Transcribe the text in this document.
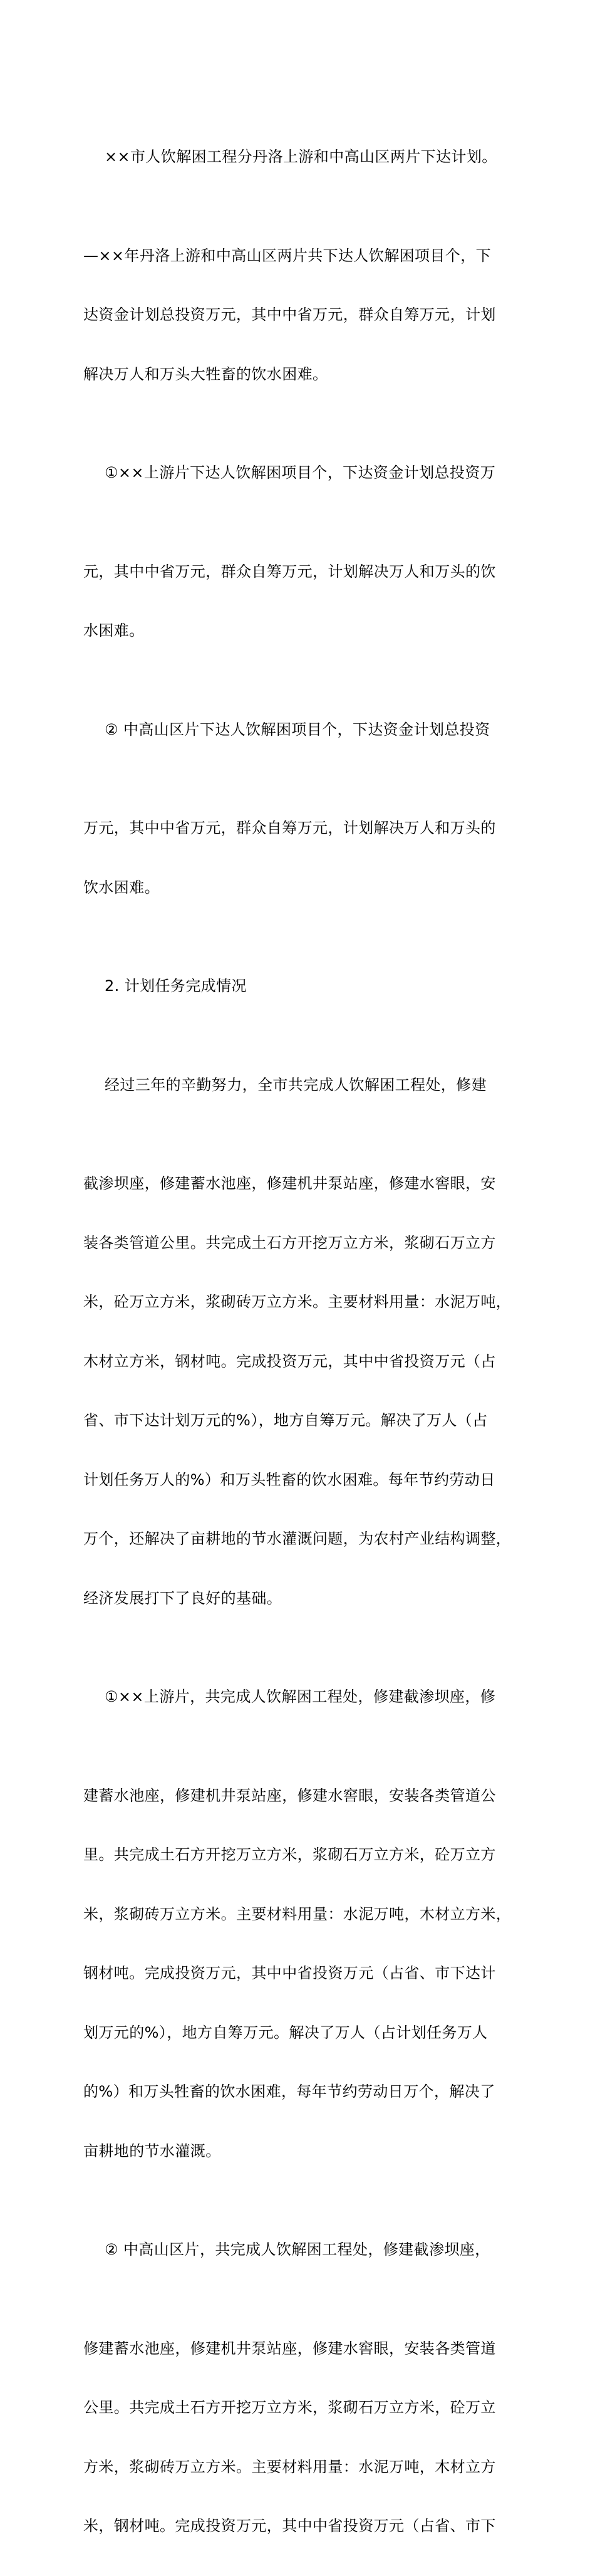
××市人饮解困工程分丹洛上游和中高山区两片下达计划。

—××年丹洛上游和中高山区两片共下达人饮解困项目个，下

达资金计划总投资万元，其中中省万元，群众自筹万元，计划

解决万人和万头大牲畜的饮水困难。

①××上游片下达人饮解困项目个，下达资金计划总投资万

元，其中中省万元，群众自筹万元，计划解决万人和万头的饮

水困难。

② 中高山区片下达人饮解困项目个，下达资金计划总投资

万元，其中中省万元，群众自筹万元，计划解决万人和万头的

饮水困难。

2. 计划任务完成情况

经过三年的辛勤努力，全市共完成人饮解困工程处，修建

截渗坝座，修建蓄水池座，修建机井泵站座，修建水窖眼，安

装各类管道公里。共完成土石方开挖万立方米，浆砌石万立方

米，砼万立方米，浆砌砖万立方米。主要材料用量：水泥万吨，

木材立方米，钢材吨。完成投资万元，其中中省投资万元（占

省、市下达计划万元的%），地方自筹万元。解决了万人（占

计划任务万人的%）和万头牲畜的饮水困难。每年节约劳动日

万个，还解决了亩耕地的节水灌溉问题，为农村产业结构调整，

经济发展打下了良好的基础。

①××上游片，共完成人饮解困工程处，修建截渗坝座，修

建蓄水池座，修建机井泵站座，修建水窖眼，安装各类管道公

里。共完成土石方开挖万立方米，浆砌石万立方米，砼万立方

米，浆砌砖万立方米。主要材料用量：水泥万吨，木材立方米，

钢材吨。完成投资万元，其中中省投资万元（占省、市下达计

划万元的%），地方自筹万元。解决了万人（占计划任务万人

的%）和万头牲畜的饮水困难，每年节约劳动日万个，解决了

亩耕地的节水灌溉。

② 中高山区片，共完成人饮解困工程处，修建截渗坝座，

修建蓄水池座，修建机井泵站座，修建水窖眼，安装各类管道

公里。共完成土石方开挖万立方米，浆砌石万立方米，砼万立

方米，浆砌砖万立方米。主要材料用量：水泥万吨，木材立方

米，钢材吨。完成投资万元，其中中省投资万元（占省、市下
